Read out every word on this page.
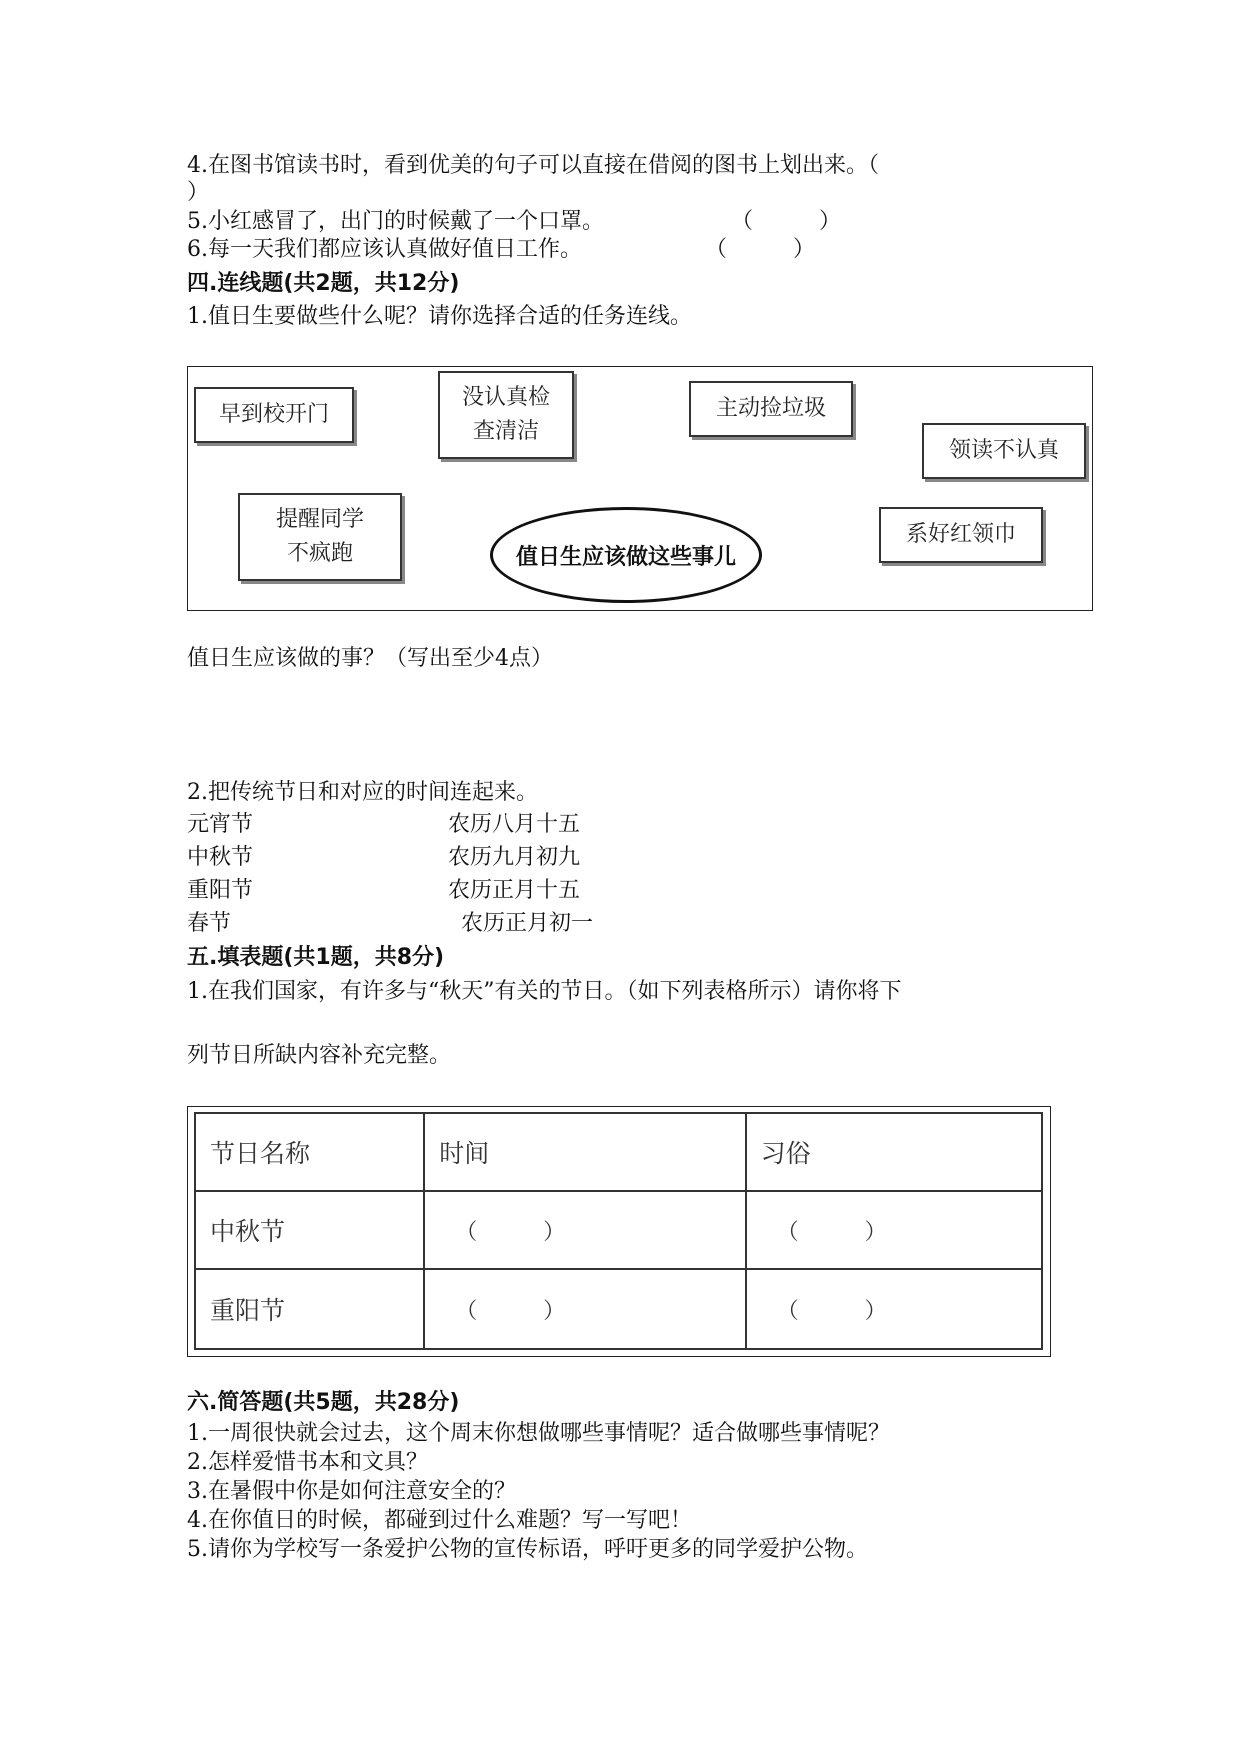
4.在图书馆读书时，看到优美的句子可以直接在借阅的图书上划出来。（
）
5.小红感冒了，出门的时候戴了一个口罩。	（　　　）
6.每一天我们都应该认真做好值日工作。	（　　　）
四.连线题(共2题，共12分)
1.值日生要做些什么呢？请你选择合适的任务连线。
早到校开门
没认真检
查清洁
主动捡垃圾
领读不认真
提醒同学
不疯跑
系好红领巾
值日生应该做这些事儿
值日生应该做的事？（写出至少4点）
2.把传统节日和对应的时间连起来。
元宵节	农历八月十五
中秋节	农历九月初九
重阳节	农历正月十五
春节	农历正月初一
五.填表题(共1题，共8分)
1.在我们国家，有许多与“秋天”有关的节日。（如下列表格所示）请你将下
列节日所缺内容补充完整。
节日名称	时间	习俗
中秋节	（　　　）	（　　　）
重阳节	（　　　）	（　　　）
六.简答题(共5题，共28分)
1.一周很快就会过去，这个周末你想做哪些事情呢？适合做哪些事情呢？
2.怎样爱惜书本和文具？
3.在暑假中你是如何注意安全的？
4.在你值日的时候，都碰到过什么难题？写一写吧！
5.请你为学校写一条爱护公物的宣传标语，呼吁更多的同学爱护公物。
